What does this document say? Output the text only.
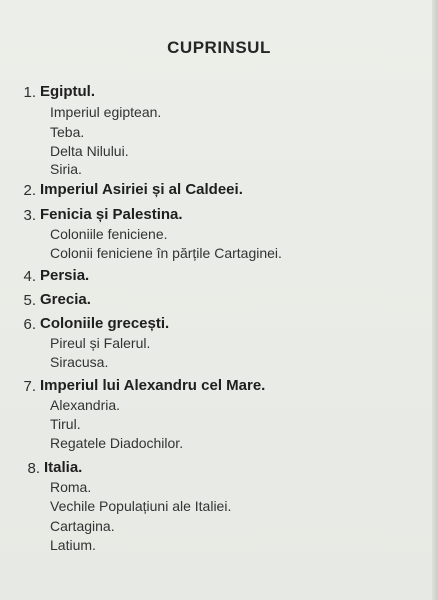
CUPRINSUL
1. Egiptul.
Imperiul egiptean.
Teba.
Delta Nilului.
Siria.
2. Imperiul Asiriei și al Caldeei.
3. Fenicia și Palestina.
Coloniile feniciene.
Colonii feniciene în părțile Cartaginei.
4. Persia.
5. Grecia.
6. Coloniile grecești.
Pireul și Falerul.
Siracusa.
7. Imperiul lui Alexandru cel Mare.
Alexandria.
Tirul.
Regatele Diadochilor.
8. Italia.
Roma.
Vechile Populațiuni ale Italiei.
Cartagina.
Latium.
